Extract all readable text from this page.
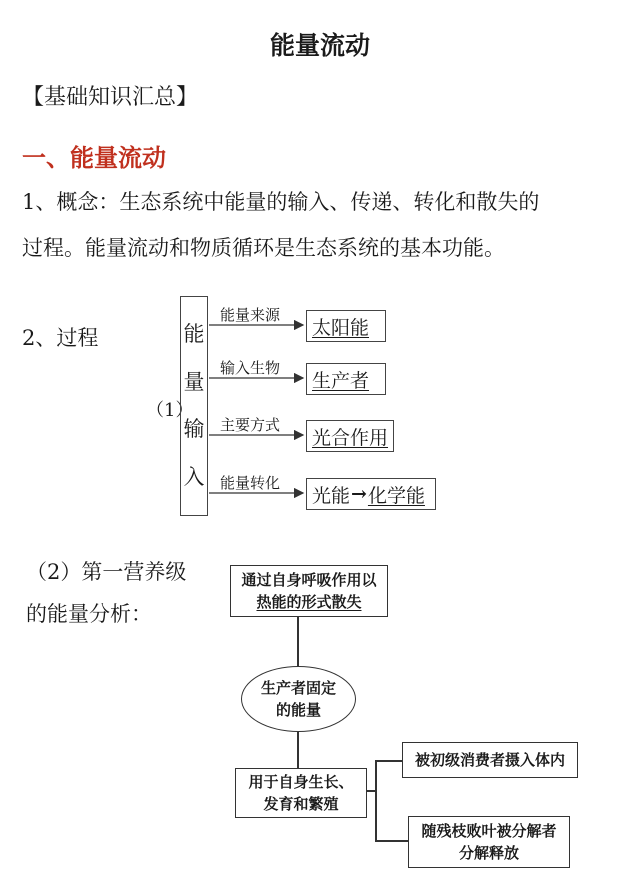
能量流动
【基础知识汇总】
一、能量流动
1、概念：生态系统中能量的输入、传递、转化和散失的
过程。能量流动和物质循环是生态系统的基本功能。
2、过程
（1）
能
量
输
入
能量来源
输入生物
主要方式
能量转化
太阳能
生产者
光合作用
光能 → 化学能
（2）第一营养级
的能量分析：
通过自身呼吸作用以
热能的形式散失
生产者固定
的能量
用于自身生长、
发育和繁殖
被初级消费者摄入体内
随残枝败叶被分解者
分解释放
